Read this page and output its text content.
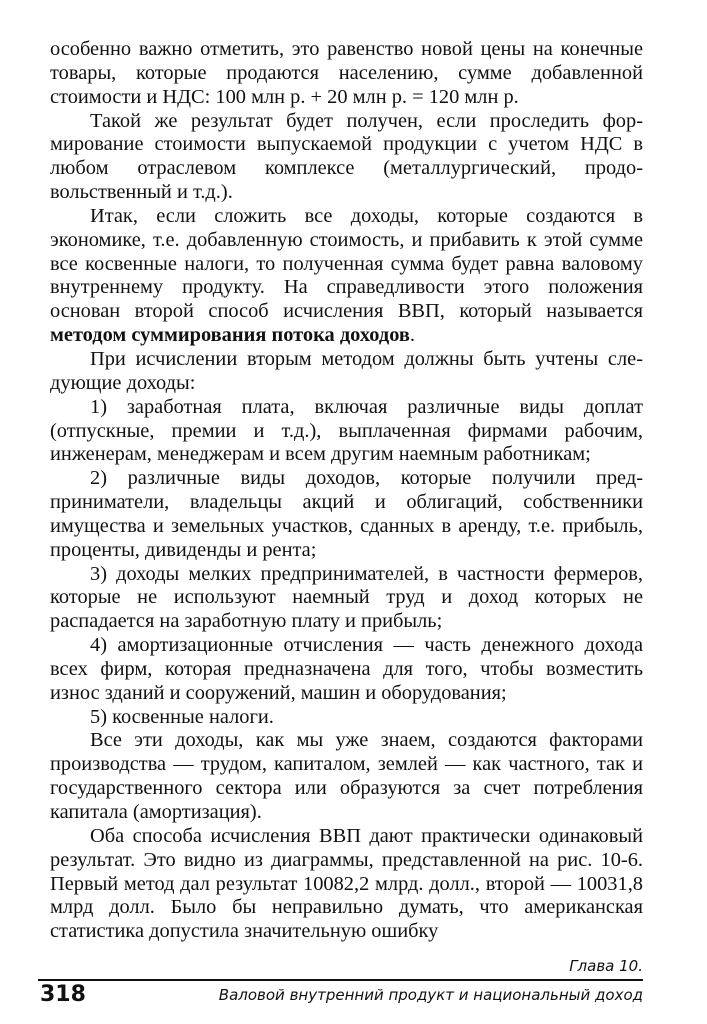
особенно важно отметить, это равенство новой цены на конечные товары, которые продаются населению, сумме добавленной стоимости и НДС: 100 млн р. + 20 млн р. = 120 млн р.

Такой же результат будет получен, если проследить формирование стоимости выпускаемой продукции с учетом НДС в любом отраслевом комплексе (металлургический, продовольственный и т.д.).

Итак, если сложить все доходы, которые создаются в экономике, т.е. добавленную стоимость, и прибавить к этой сумме все косвенные налоги, то полученная сумма будет равна валовому внутреннему продукту. На справедливости этого положения основан второй способ исчисления ВВП, который называется методом суммирования потока доходов.

При исчислении вторым методом должны быть учтены следующие доходы:

1) заработная плата, включая различные виды доплат (отпускные, премии и т.д.), выплаченная фирмами рабочим, инженерам, менеджерам и всем другим наемным работникам;

2) различные виды доходов, которые получили предприниматели, владельцы акций и облигаций, собственники имущества и земельных участков, сданных в аренду, т.е. прибыль, проценты, дивиденды и рента;

3) доходы мелких предпринимателей, в частности фермеров, которые не используют наемный труд и доход которых не распадается на заработную плату и прибыль;

4) амортизационные отчисления — часть денежного дохода всех фирм, которая предназначена для того, чтобы возместить износ зданий и сооружений, машин и оборудования;

5) косвенные налоги.

Все эти доходы, как мы уже знаем, создаются факторами производства — трудом, капиталом, землей — как частного, так и государственного сектора или образуются за счет потребления капитала (амортизация).

Оба способа исчисления ВВП дают практически одинаковый результат. Это видно из диаграммы, представленной на рис. 10-6. Первый метод дал результат 10082,2 млрд. долл., второй — 10031,8 млрд долл. Было бы неправильно думать, что американская статистика допустила значительную ошибку

Глава 10.
318	Валовой внутренний продукт и национальный доход
